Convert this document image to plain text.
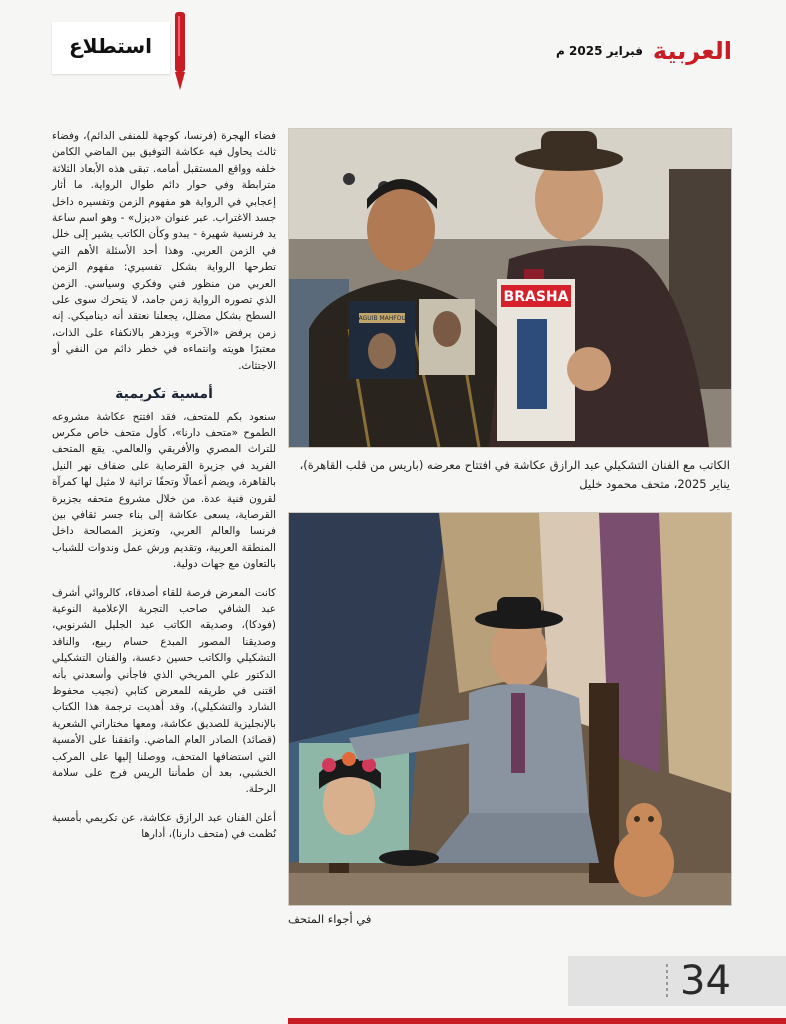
استطلاع	العربية
فبراير 2025 م

فضاء الهجرة (فرنسا، كوجهة للمنفى الدائم)، وفضاء ثالث يحاول فيه عكاشة التوفيق بين الماضي الكامن خلفه وواقع المستقبل أمامه. تبقى هذه الأبعاد الثلاثة مترابطة وفي حوار دائم طوال الرواية. ما أثار إعجابي في الرواية هو مفهوم الزمن وتفسيره داخل جسد الاغتراب. عبر عنوان «ديزل» - وهو اسم ساعة يد فرنسية شهيرة - يبدو وكأن الكاتب يشير إلى خلل في الزمن العربي. وهذا أحد الأسئلة الأهم التي تطرحها الرواية بشكل تفسيري: مفهوم الزمن العربي من منظور فني وفكري وسياسي. الزمن الذي تصوره الرواية زمن جامد، لا يتحرك سوى على السطح بشكل مضلل، يجعلنا نعتقد أنه ديناميكي. إنه زمن يرفض «الآخر» ويزدهر بالانكفاء على الذات، معتبرًا هويته وانتماءه في خطر دائم من النفي أو الاجتثاث.

أمسية تكريمية

سنعود بكم للمتحف، فقد افتتح عكاشة مشروعه الطموح «متحف دارنا»، كأول متحف خاص مكرس للتراث المصري والأفريقي والعالمي. يقع المتحف الفريد في جزيرة القرصاية على ضفاف نهر النيل بالقاهرة، ويضم أعمالًا وتحفًا تراثية لا مثيل لها كمرآة لقرون فنية عدة. من خلال مشروع متحفه بجزيرة القرصاية، يسعى عكاشة إلى بناء جسر ثقافي بين فرنسا والعالم العربي، وتعزيز المصالحة داخل المنطقة العربية، وتقديم ورش عمل وندوات للشباب بالتعاون مع جهات دولية.

كانت المعرض فرصة للقاء أصدقاء، كالروائي أشرف عبد الشافي صاحب التجربة الإعلامية النوعية (فودكا)، وصديقه الكاتب عبد الجليل الشرنوبي، وصديقنا المصور المبدع حسام ربيع، والناقد التشكيلي والكاتب حسين دعسة، والفنان التشكيلي الدكتور علي المريخي الذي فاجأني وأسعدني بأنه اقتنى في طريقه للمعرض كتابي (نجيب محفوظ الشارد والتشكيلي)، وقد أهديت ترجمة هذا الكتاب بالإنجليزية للصديق عكاشة، ومعها مختاراتي الشعرية (قصائد) الصادر العام الماضي. واتفقنا على الأمسية التي استضافها المتحف، ووصلنا إليها على المركب الخشبي، بعد أن طمأننا الريس فرج على سلامة الرحلة.

أعلن الفنان عبد الرازق عكاشة، عن تكريمي بأمسية نُظمت في (متحف دارنا)، أدارها

NAGUIB MAHFOUZ
BRASHA
الكاتب مع الفنان التشكيلي عبد الرازق عكاشة في افتتاح معرضه (باريس من قلب القاهرة)، يناير 2025، متحف محمود خليل
في أجواء المتحف
34
